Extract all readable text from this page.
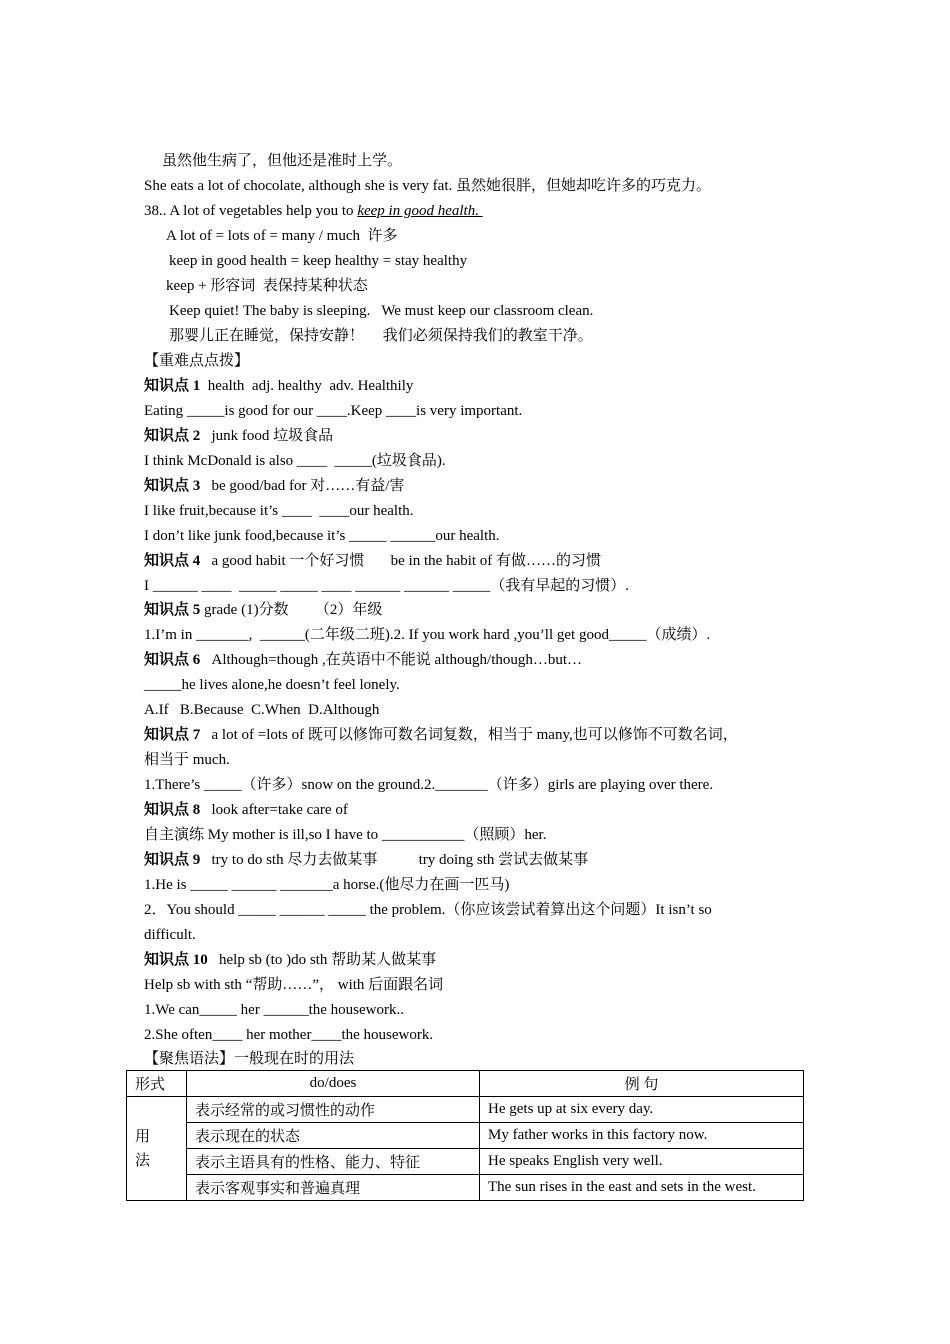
虽然他生病了，但他还是准时上学。
She eats a lot of chocolate, although she is very fat. 虽然她很胖，但她却吃许多的巧克力。
38.. A lot of vegetables help you to keep in good health.
A lot of = lots of = many / much  许多
keep in good health = keep healthy = stay healthy
keep + 形容词  表保持某种状态
Keep quiet! The baby is sleeping.   We must keep our classroom clean.
那婴儿正在睡觉，保持安静！     我们必须保持我们的教室干净。
【重难点点拨】
知识点 1  health  adj. healthy  adv. Healthily
Eating _____is good for our ____.Keep ____is very important.
知识点 2   junk food 垃圾食品
I think McDonald is also ____  _____(垃圾食品).
知识点 3   be good/bad for 对……有益/害
I like fruit,because it’s ____  ____our health.
I don’t like junk food,because it’s _____ ______our health.
知识点 4   a good habit 一个好习惯       be in the habit of 有做……的习惯
I ______ ____  _____ _____ ____ ______ ______ _____（我有早起的习惯）.
知识点 5 grade (1)分数       （2）年级
1.I’m in _______,  ______(二年级二班).2. If you work hard ,you’ll get good_____（成绩）.
知识点 6   Although=though ,在英语中不能说 although/though…but…
_____he lives alone,he doesn’t feel lonely.
A.If   B.Because  C.When  D.Although
知识点 7   a lot of =lots of 既可以修饰可数名词复数，相当于 many,也可以修饰不可数名词，
相当于 much.
1.There’s _____（许多）snow on the ground.2._______（许多）girls are playing over there.
知识点 8   look after=take care of
自主演练 My mother is ill,so I have to ___________（照顾）her.
知识点 9   try to do sth 尽力去做某事           try doing sth 尝试去做某事
1.He is _____ ______ _______a horse.(他尽力在画一匹马)
2．You should _____ ______ _____ the problem.（你应该尝试着算出这个问题）It isn’t so
difficult.
知识点 10   help sb (to )do sth 帮助某人做某事
Help sb with sth “帮助……”， with 后面跟名词
1.We can_____ her ______the housework..
2.She often____ her mother____the housework.
【聚焦语法】一般现在时的用法
形式	do/does	例 句
用
法	表示经常的或习惯性的动作	He gets up at six every day.
	表示现在的状态	My father works in this factory now.
	表示主语具有的性格、能力、特征	He speaks English very well.
	表示客观事实和普遍真理	The sun rises in the east and sets in the west.
